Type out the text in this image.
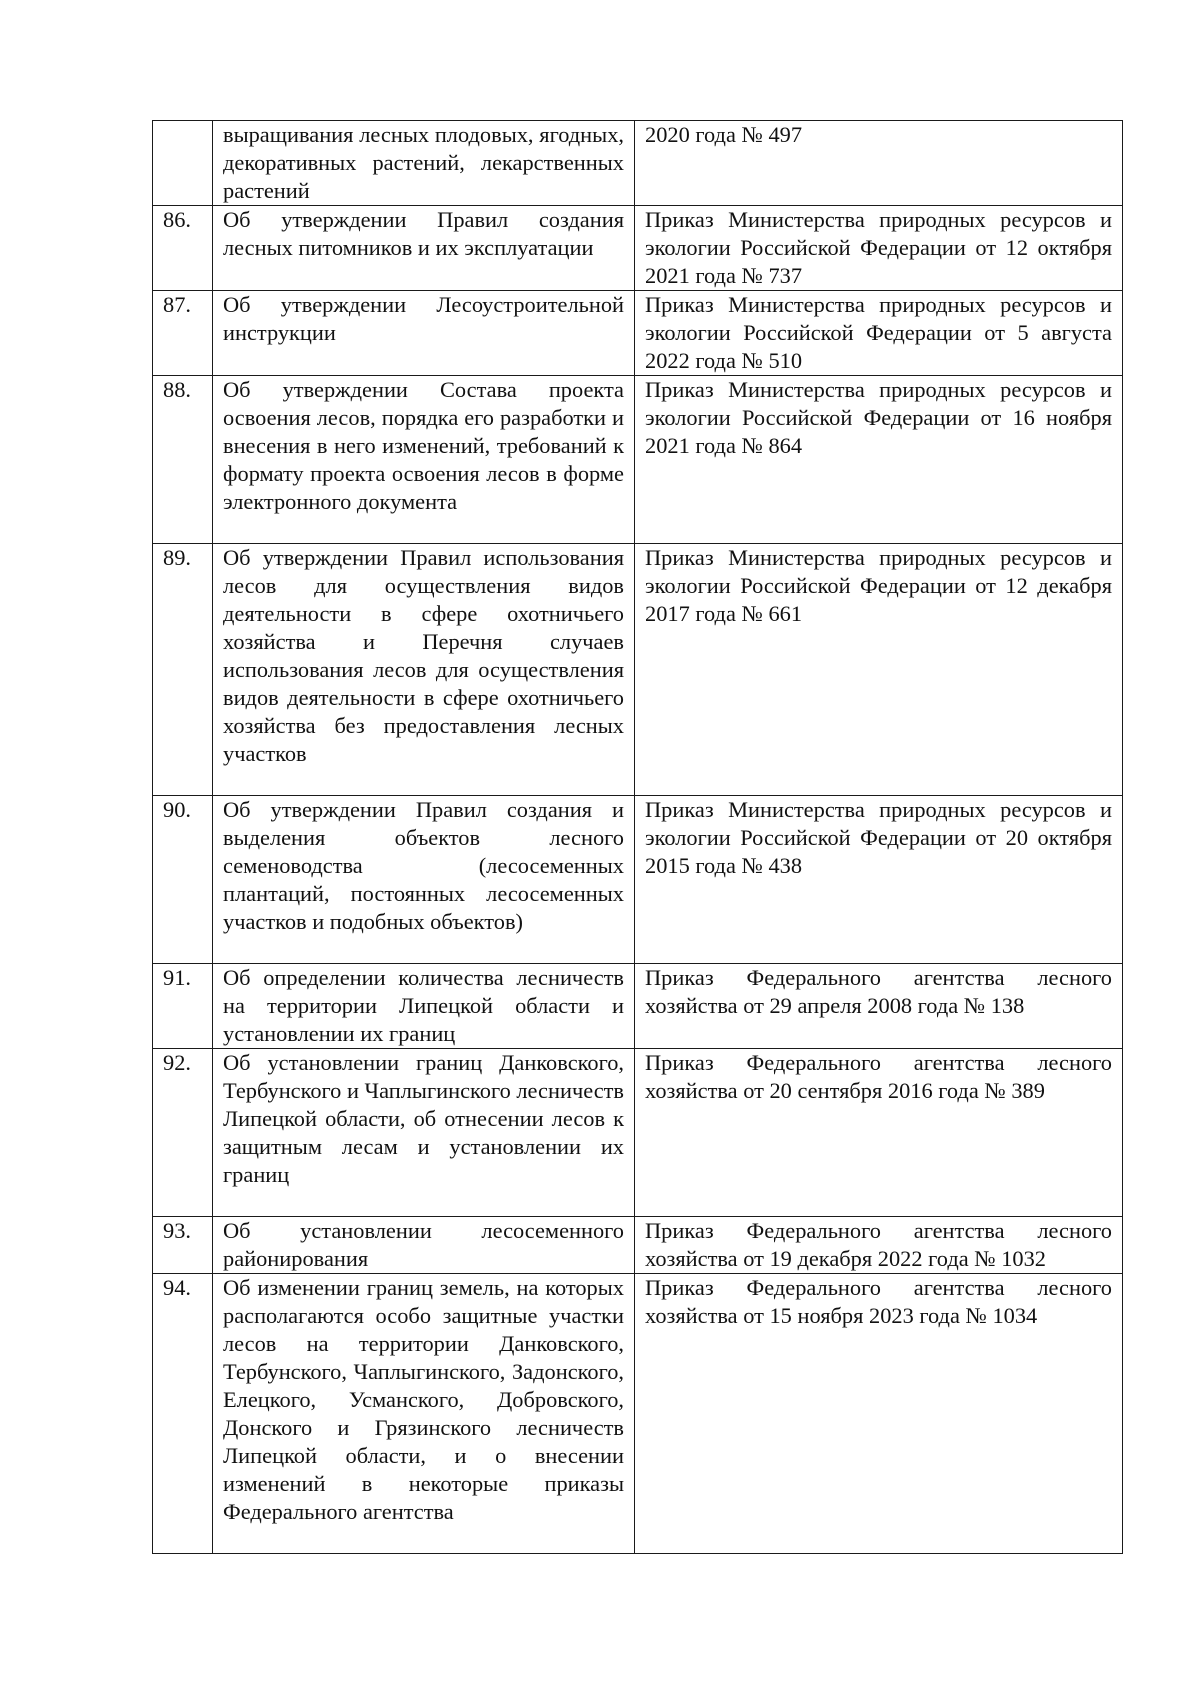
	выращивания лесных плодовых, ягодных, декоративных растений, лекарственных растений	2020 года № 497
86.	Об утверждении Правил создания лесных питомников и их эксплуатации	Приказ Министерства природных ресурсов и экологии Российской Федерации от 12 октября 2021 года № 737
87.	Об утверждении Лесоустроительной инструкции	Приказ Министерства природных ресурсов и экологии Российской Федерации от 5 августа 2022 года № 510
88.	Об утверждении Состава проекта освоения лесов, порядка его разработки и внесения в него изменений, требований к формату проекта освоения лесов в форме электронного документа	Приказ Министерства природных ресурсов и экологии Российской Федерации от 16 ноября 2021 года № 864
89.	Об утверждении Правил использования лесов для осуществления видов деятельности в сфере охотничьего хозяйства и Перечня случаев использования лесов для осуществления видов деятельности в сфере охотничьего хозяйства без предоставления лесных участков	Приказ Министерства природных ресурсов и экологии Российской Федерации от 12 декабря 2017 года № 661
90.	Об утверждении Правил создания и выделения объектов лесного семеноводства (лесосеменных плантаций, постоянных лесосеменных участков и подобных объектов)	Приказ Министерства природных ресурсов и экологии Российской Федерации от 20 октября 2015 года № 438
91.	Об определении количества лесничеств на территории Липецкой области и установлении их границ	Приказ Федерального агентства лесного хозяйства от 29 апреля 2008 года № 138
92.	Об установлении границ Данковского, Тербунского и Чаплыгинского лесничеств Липецкой области, об отнесении лесов к защитным лесам и установлении их границ	Приказ Федерального агентства лесного хозяйства от 20 сентября 2016 года № 389
93.	Об установлении лесосеменного районирования	Приказ Федерального агентства лесного хозяйства от 19 декабря 2022 года № 1032
94.	Об изменении границ земель, на которых располагаются особо защитные участки лесов на территории Данковского, Тербунского, Чаплыгинского, Задонского, Елецкого, Усманского, Добровского, Донского и Грязинского лесничеств Липецкой области, и о внесении изменений в некоторые приказы Федерального агентства	Приказ Федерального агентства лесного хозяйства от 15 ноября 2023 года № 1034
